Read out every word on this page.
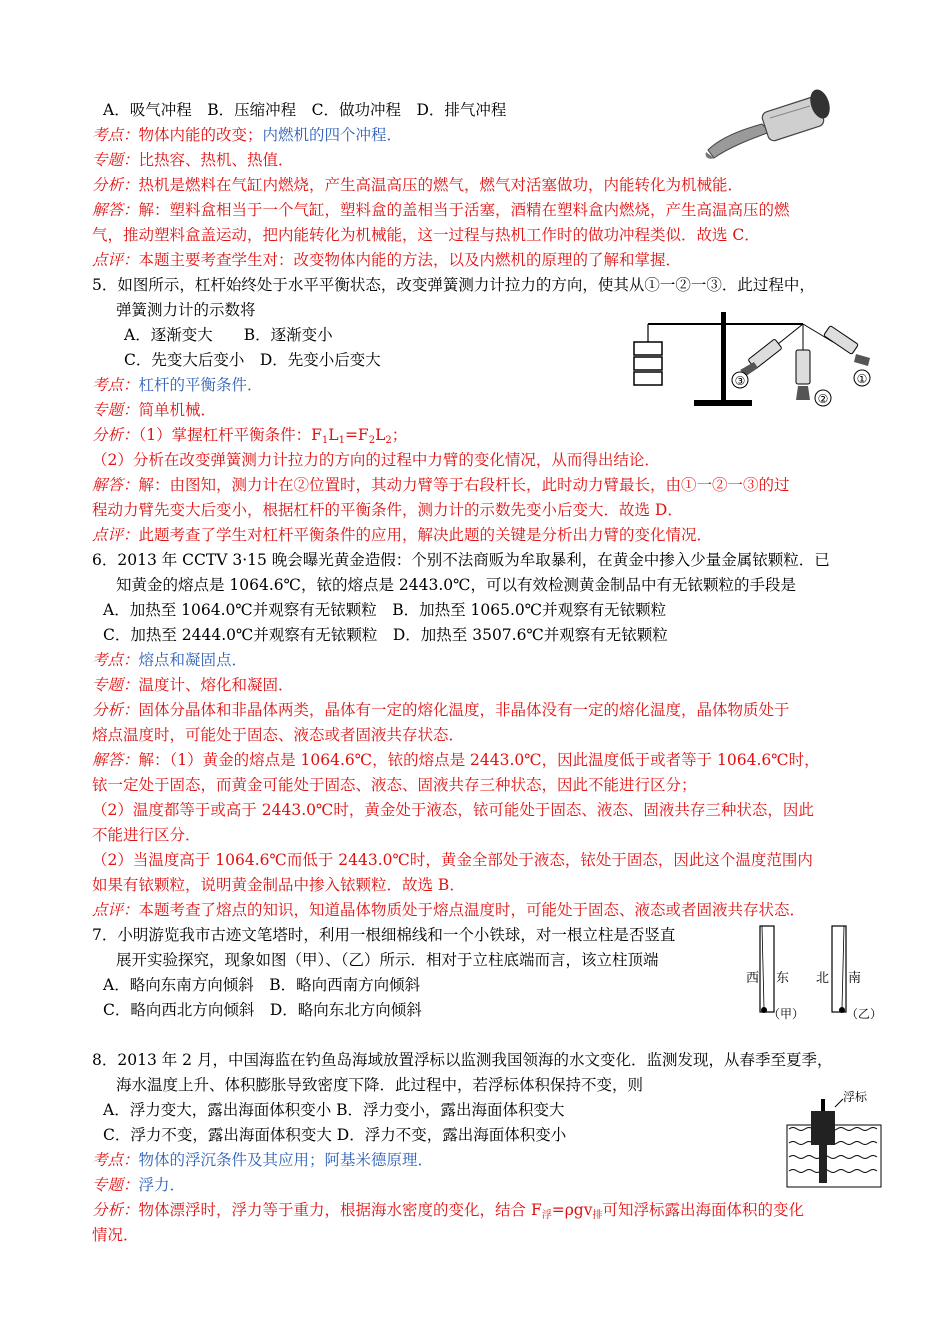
A．吸气冲程　B．压缩冲程　C．做功冲程　D．排气冲程
考点：物体内能的改变；内燃机的四个冲程．
专题：比热容、热机、热值．
分析：热机是燃料在气缸内燃烧，产生高温高压的燃气，燃气对活塞做功，内能转化为机械能．
解答：解：塑料盒相当于一个气缸，塑料盒的盖相当于活塞，酒精在塑料盒内燃烧，产生高温高压的燃
气，推动塑料盒盖运动，把内能转化为机械能，这一过程与热机工作时的做功冲程类似．故选 C．
点评：本题主要考查学生对：改变物体内能的方法，以及内燃机的原理的了解和掌握．
5．如图所示，杠杆始终处于水平平衡状态，改变弹簧测力计拉力的方向，使其从①一②一③．此过程中，
弹簧测力计的示数将
A．逐渐变大　　B．逐渐变小
C．先变大后变小　D．先变小后变大
考点：杠杆的平衡条件．
专题：简单机械．
分析：（1）掌握杠杆平衡条件：$F_1L_1=F_2L_2$；
（2）分析在改变弹簧测力计拉力的方向的过程中力臂的变化情况，从而得出结论．
解答：解：由图知，测力计在②位置时，其动力臂等于右段杆长，此时动力臂最长，由①一②一③的过
程动力臂先变大后变小，根据杠杆的平衡条件，测力计的示数先变小后变大．故选 D．
点评：此题考查了学生对杠杆平衡条件的应用，解决此题的关键是分析出力臂的变化情况．
③
②
①
6．2013 年 CCTV 3·15 晚会曝光黄金造假：个别不法商贩为牟取暴利，在黄金中掺入少量金属铱颗粒．已
知黄金的熔点是 1064.6℃，铱的熔点是 2443.0℃，可以有效检测黄金制品中有无铱颗粒的手段是
A．加热至 1064.0℃并观察有无铱颗粒　B．加热至 1065.0℃并观察有无铱颗粒
C．加热至 2444.0℃并观察有无铱颗粒　D．加热至 3507.6℃并观察有无铱颗粒
考点：熔点和凝固点．
专题：温度计、熔化和凝固．
分析：固体分晶体和非晶体两类，晶体有一定的熔化温度，非晶体没有一定的熔化温度，晶体物质处于
熔点温度时，可能处于固态、液态或者固液共存状态．
解答：解：（1）黄金的熔点是 1064.6℃，铱的熔点是 2443.0℃，因此温度低于或者等于 1064.6℃时，
铱一定处于固态，而黄金可能处于固态、液态、固液共存三种状态，因此不能进行区分；
（2）温度都等于或高于 2443.0℃时，黄金处于液态，铱可能处于固态、液态、固液共存三种状态，因此
不能进行区分．
（2）当温度高于 1064.6℃而低于 2443.0℃时，黄金全部处于液态，铱处于固态，因此这个温度范围内
如果有铱颗粒，说明黄金制品中掺入铱颗粒．故选 B．
点评：本题考查了熔点的知识，知道晶体物质处于熔点温度时，可能处于固态、液态或者固液共存状态．
7．小明游览我市古迹文笔塔时，利用一根细棉线和一个小铁球，对一根立柱是否竖直
展开实验探究，现象如图（甲）、（乙）所示．相对于立柱底端而言，该立柱顶端
A．略向东南方向倾斜　B．略向西南方向倾斜
C．略向西北方向倾斜　D．略向东北方向倾斜
西 东
（甲）
北 南
（乙）
8．2013 年 2 月，中国海监在钓鱼岛海域放置浮标以监测我国领海的水文变化．监测发现，从春季至夏季，
海水温度上升、体积膨胀导致密度下降．此过程中，若浮标体积保持不变，则
A．浮力变大，露出海面体积变小 B．浮力变小，露出海面体积变大
C．浮力不变，露出海面体积变大 D．浮力不变，露出海面体积变小
考点：物体的浮沉条件及其应用；阿基米德原理．
专题：浮力．
分析：物体漂浮时，浮力等于重力，根据海水密度的变化，结合 $F_浮=\rho gv_排$可知浮标露出海面体积的变化
情况．
浮标
